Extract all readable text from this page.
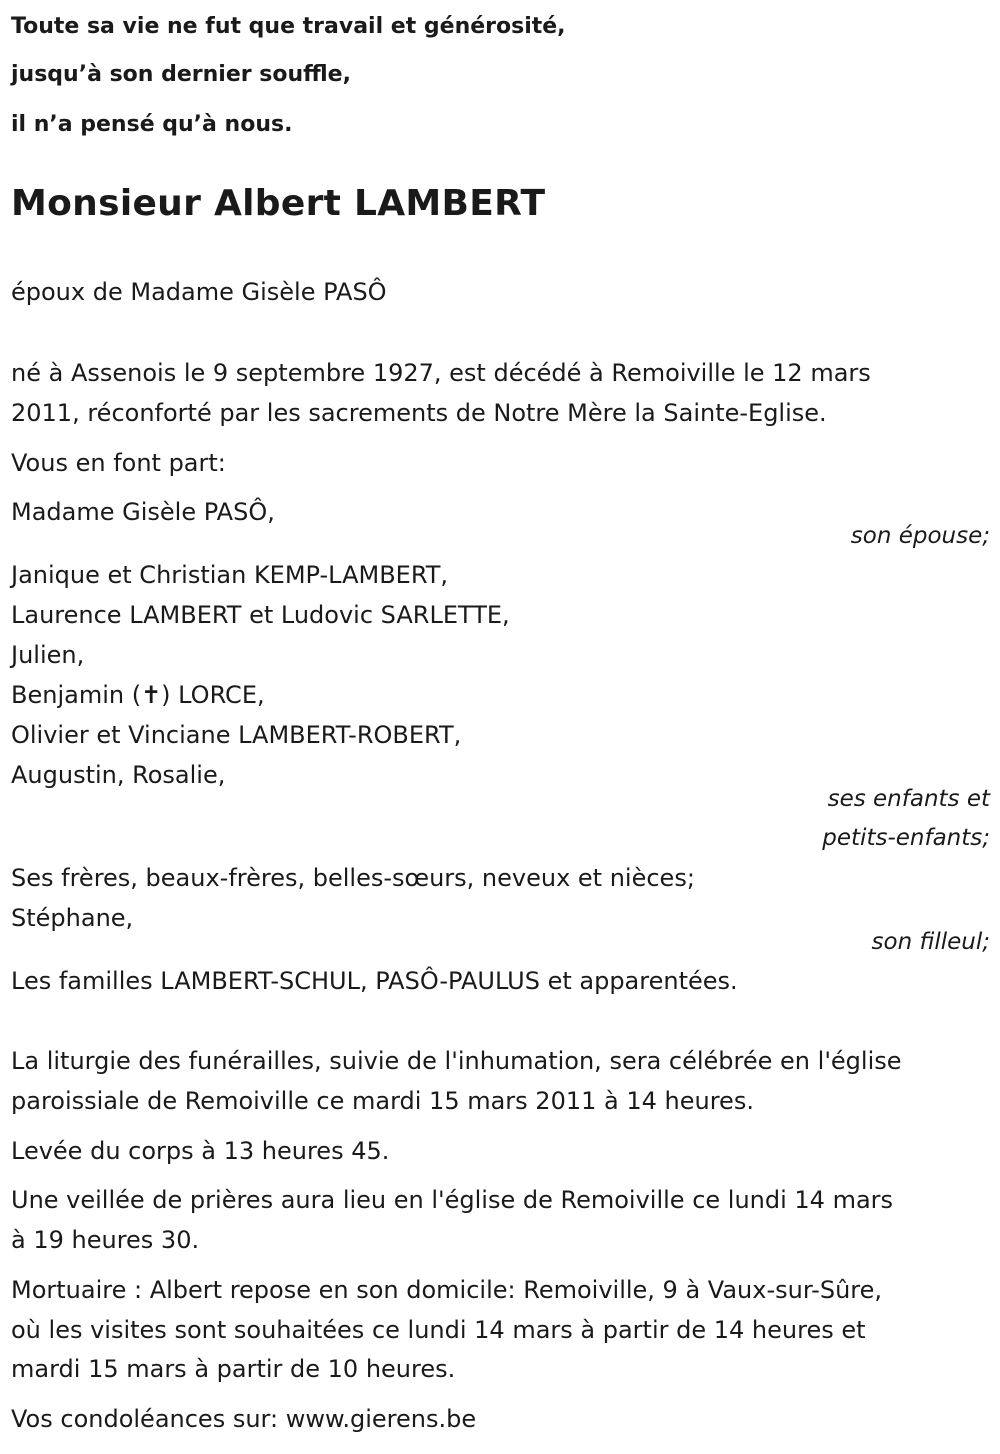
Toute sa vie ne fut que travail et générosité,
jusqu’à son dernier souffle,
il n’a pensé qu’à nous.
Monsieur Albert LAMBERT
époux de Madame Gisèle PASÔ
né à Assenois le 9 septembre 1927, est décédé à Remoiville le 12 mars
2011, réconforté par les sacrements de Notre Mère la Sainte-Eglise.
Vous en font part:
Madame Gisèle PASÔ,
son épouse;
Janique et Christian KEMP-LAMBERT,
Laurence LAMBERT et Ludovic SARLETTE,
Julien,
Benjamin (✝) LORCE,
Olivier et Vinciane LAMBERT-ROBERT,
Augustin, Rosalie,
ses enfants et
petits-enfants;
Ses frères, beaux-frères, belles-sœurs, neveux et nièces;
Stéphane,
son filleul;
Les familles LAMBERT-SCHUL, PASÔ-PAULUS et apparentées.
La liturgie des funérailles, suivie de l'inhumation, sera célébrée en l'église
paroissiale de Remoiville ce mardi 15 mars 2011 à 14 heures.
Levée du corps à 13 heures 45.
Une veillée de prières aura lieu en l'église de Remoiville ce lundi 14 mars
à 19 heures 30.
Mortuaire : Albert repose en son domicile: Remoiville, 9 à Vaux-sur-Sûre,
où les visites sont souhaitées ce lundi 14 mars à partir de 14 heures et
mardi 15 mars à partir de 10 heures.
Vos condoléances sur: www.gierens.be
